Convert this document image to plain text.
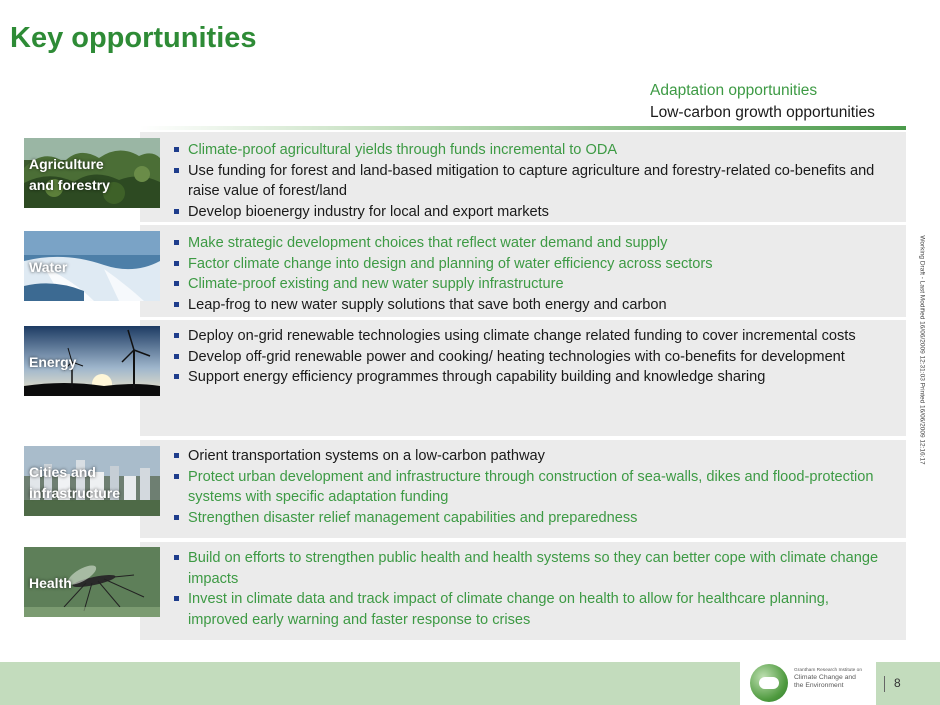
Key opportunities
Adaptation opportunities
Low-carbon growth opportunities
Working Draft - Last Modified 16/06/2009 12:31:03 Printed 16/06/2009 12:16:17
Agriculture and forestry
Climate-proof agricultural yields through funds incremental to ODA
Use funding for forest and land-based mitigation to capture agriculture and forestry-related co-benefits and raise value of forest/land
Develop bioenergy industry for local and export markets
Water
Make strategic development choices that reflect water demand and supply
Factor climate change into design and planning of water efficiency across sectors
Climate-proof existing and new water supply infrastructure
Leap-frog to new water supply solutions that save both energy and carbon
Energy
Deploy on-grid renewable technologies using climate change related funding to cover incremental costs
Develop off-grid renewable power and cooking/ heating technologies with co-benefits for development
Support energy efficiency programmes through capability building and knowledge sharing
Cities and infrastructure
Orient transportation systems on a low-carbon pathway
Protect urban development and infrastructure through construction of sea-walls, dikes and flood-protection systems with specific adaptation funding
Strengthen disaster relief management capabilities and preparedness
Health
Build on efforts to strengthen public health and health systems so they can better cope with climate change impacts
Invest in climate data and track impact of climate change on health to allow for healthcare planning, improved early warning and faster response to crises
Grantham Research Institute on
Climate Change and
the Environment	8
